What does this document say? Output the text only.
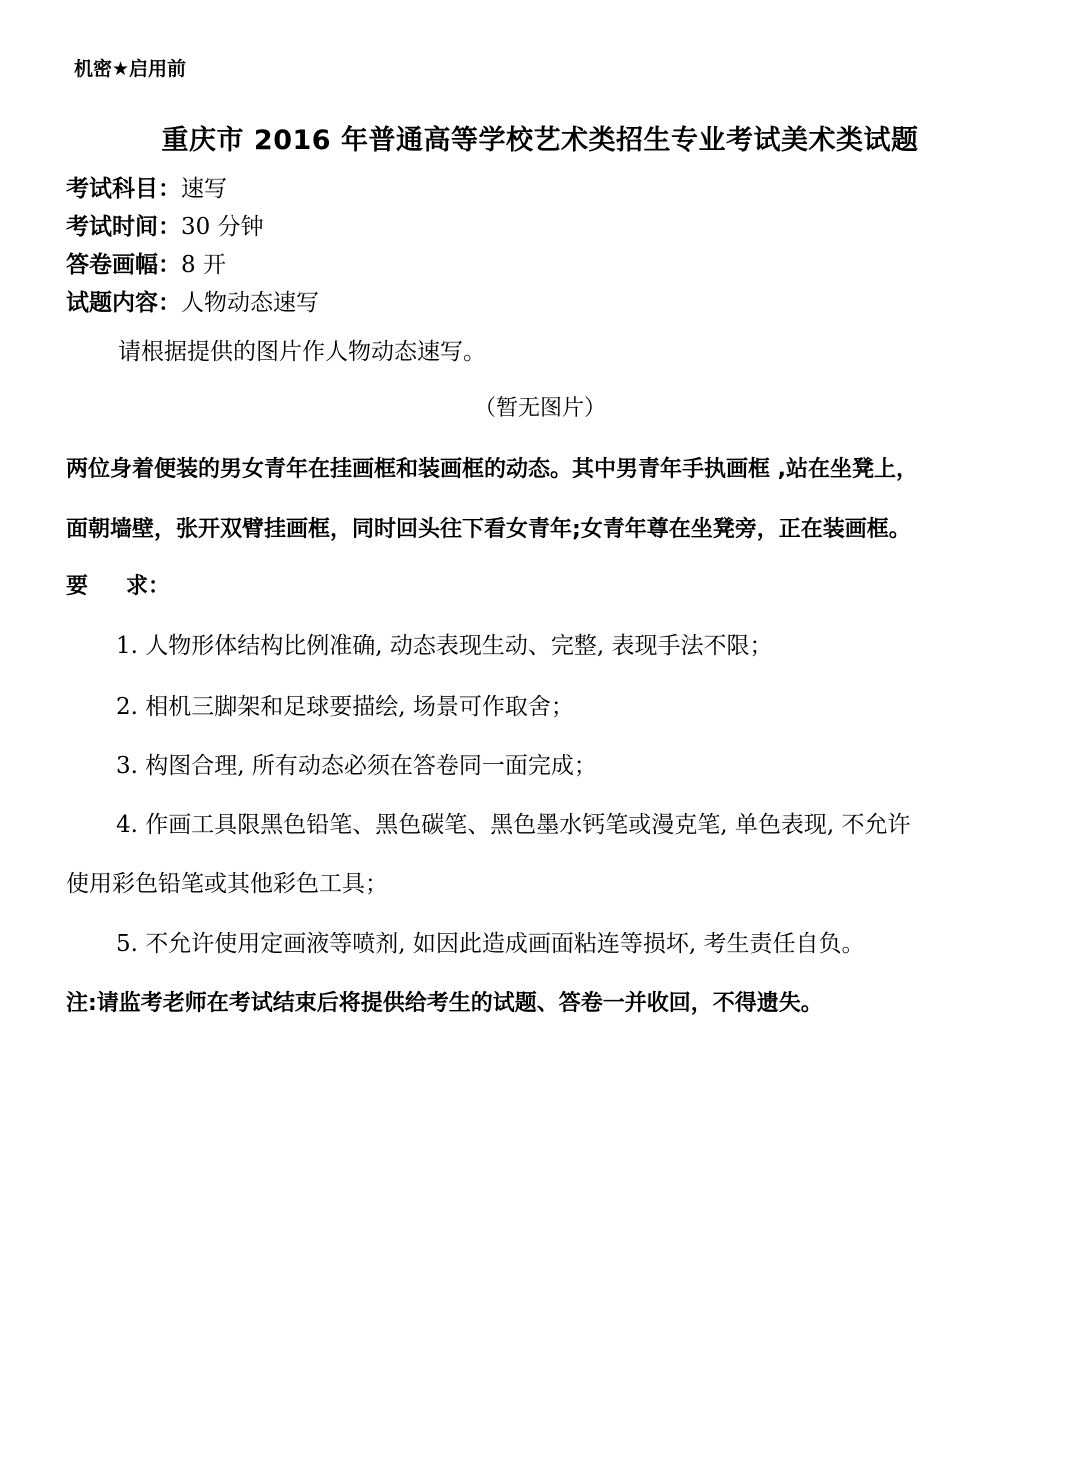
机密★启用前
重庆市 2016 年普通高等学校艺术类招生专业考试美术类试题
考试科目：速写
考试时间：30 分钟
答卷画幅：8 开
试题内容：人物动态速写
请根据提供的图片作人物动态速写。
（暂无图片）
两位身着便装的男女青年在挂画框和装画框的动态。其中男青年手执画框 ,站在坐凳上，
面朝墙壁，张开双臂挂画框，同时回头往下看女青年;女青年尊在坐凳旁，正在装画框。
要 求：
1. 人物形体结构比例准确, 动态表现生动、完整, 表现手法不限；
2. 相机三脚架和足球要描绘, 场景可作取舍；
3. 构图合理, 所有动态必须在答卷同一面完成；
4. 作画工具限黑色铅笔、黑色碳笔、黑色墨水钙笔或漫克笔, 单色表现, 不允许
使用彩色铅笔或其他彩色工具；
5. 不允许使用定画液等喷剂, 如因此造成画面粘连等损坏, 考生责任自负。
注:请监考老师在考试结束后将提供给考生的试题、答卷一并收回，不得遗失。
